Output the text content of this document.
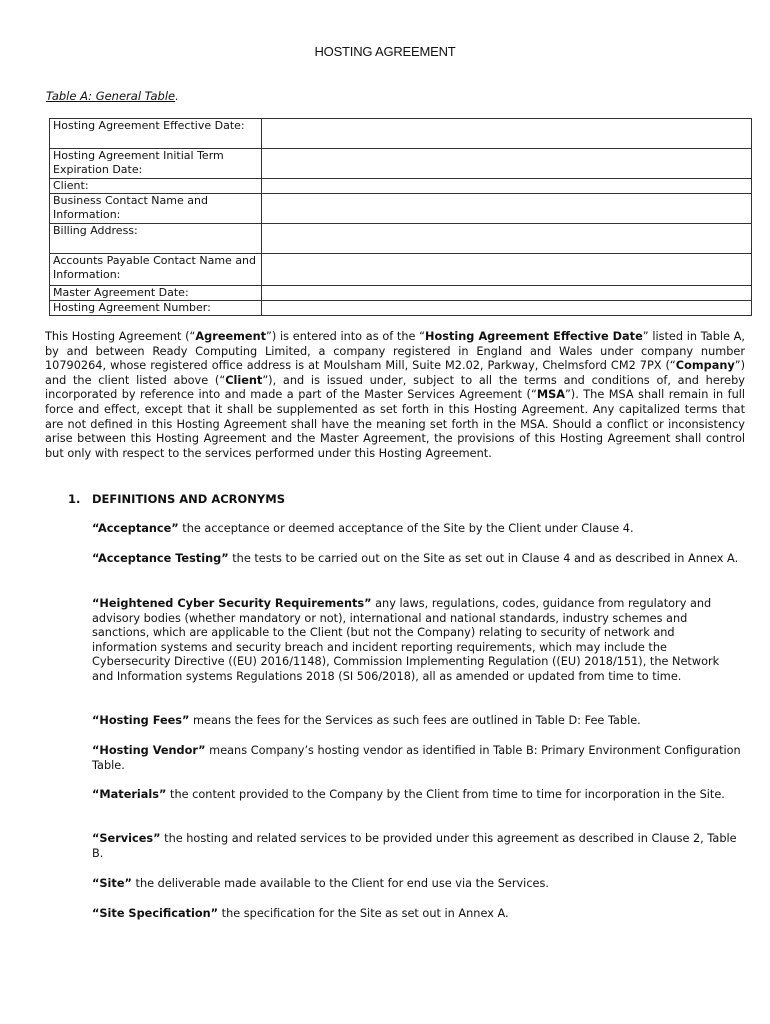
HOSTING AGREEMENT
Table A: General Table.
Hosting Agreement Effective Date:	
Hosting Agreement Initial Term Expiration Date:	
Client:	
Business Contact Name and Information:	
Billing Address:	
Accounts Payable Contact Name and Information:	
Master Agreement Date:	
Hosting Agreement Number:	
This Hosting Agreement (“Agreement”) is entered into as of the “Hosting Agreement Effective Date” listed in Table A, by and between Ready Computing Limited, a company registered in England and Wales under company number 10790264, whose registered office address is at Moulsham Mill, Suite M2.02, Parkway, Chelmsford CM2 7PX (“Company”) and the client listed above (“Client”), and is issued under, subject to all the terms and conditions of, and hereby incorporated by reference into and made a part of the Master Services Agreement (“MSA”). The MSA shall remain in full force and effect, except that it shall be supplemented as set forth in this Hosting Agreement. Any capitalized terms that are not defined in this Hosting Agreement shall have the meaning set forth in the MSA. Should a conflict or inconsistency arise between this Hosting Agreement and the Master Agreement, the provisions of this Hosting Agreement shall control but only with respect to the services performed under this Hosting Agreement.
1. DEFINITIONS AND ACRONYMS
“Acceptance” the acceptance or deemed acceptance of the Site by the Client under Clause 4.
“Acceptance Testing” the tests to be carried out on the Site as set out in Clause 4 and as described in Annex A.
“Heightened Cyber Security Requirements” any laws, regulations, codes, guidance from regulatory and advisory bodies (whether mandatory or not), international and national standards, industry schemes and sanctions, which are applicable to the Client (but not the Company) relating to security of network and information systems and security breach and incident reporting requirements, which may include the Cybersecurity Directive ((EU) 2016/1148), Commission Implementing Regulation ((EU) 2018/151), the Network and Information systems Regulations 2018 (SI 506/2018), all as amended or updated from time to time.
“Hosting Fees” means the fees for the Services as such fees are outlined in Table D: Fee Table.
“Hosting Vendor” means Company’s hosting vendor as identified in Table B: Primary Environment Configuration Table.
“Materials” the content provided to the Company by the Client from time to time for incorporation in the Site.
“Services” the hosting and related services to be provided under this agreement as described in Clause 2, Table B.
“Site” the deliverable made available to the Client for end use via the Services.
“Site Specification” the specification for the Site as set out in Annex A.
